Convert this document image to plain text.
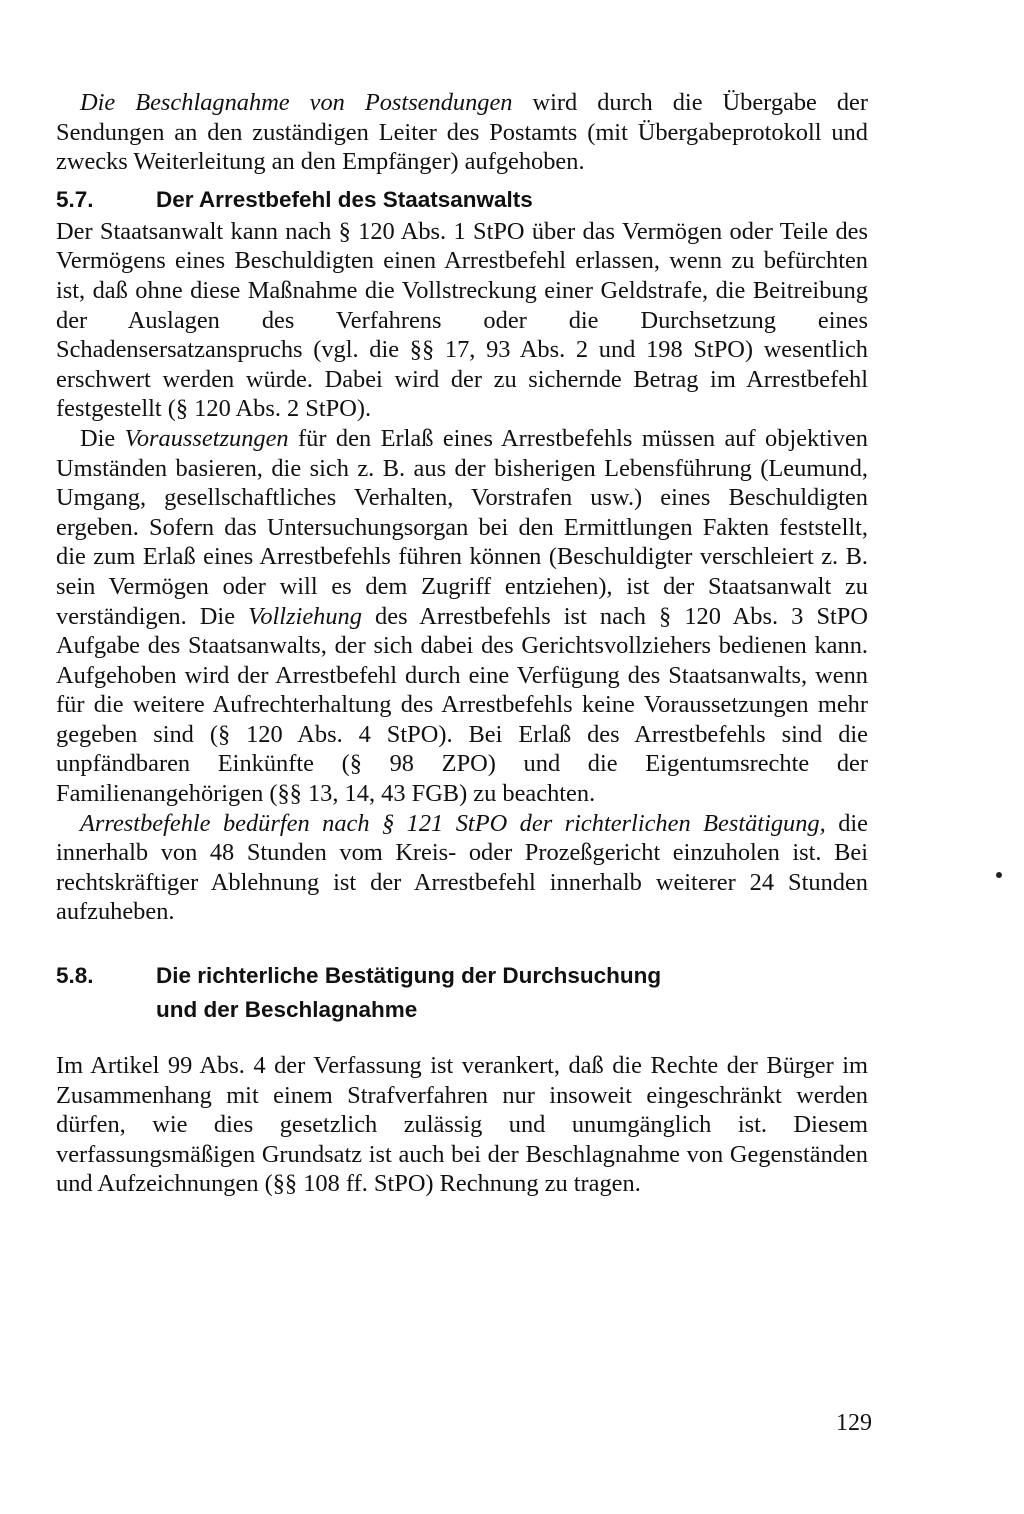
Die Beschlagnahme von Postsendungen wird durch die Übergabe der Sendungen an den zuständigen Leiter des Postamts (mit Übergabeprotokoll und zwecks Weiterleitung an den Empfänger) aufgehoben.

5.7.	Der Arrestbefehl des Staatsanwalts

Der Staatsanwalt kann nach § 120 Abs. 1 StPO über das Vermögen oder Teile des Vermögens eines Beschuldigten einen Arrestbefehl erlassen, wenn zu befürchten ist, daß ohne diese Maßnahme die Vollstreckung einer Geldstrafe, die Beitreibung der Auslagen des Verfahrens oder die Durchsetzung eines Schadensersatzanspruchs (vgl. die §§ 17, 93 Abs. 2 und 198 StPO) wesentlich erschwert werden würde. Dabei wird der zu sichernde Betrag im Arrestbefehl festgestellt (§ 120 Abs. 2 StPO).

Die Voraussetzungen für den Erlaß eines Arrestbefehls müssen auf objektiven Umständen basieren, die sich z. B. aus der bisherigen Lebensführung (Leumund, Umgang, gesellschaftliches Verhalten, Vorstrafen usw.) eines Beschuldigten ergeben. Sofern das Untersuchungsorgan bei den Ermittlungen Fakten feststellt, die zum Erlaß eines Arrestbefehls führen können (Beschuldigter verschleiert z. B. sein Vermögen oder will es dem Zugriff entziehen), ist der Staatsanwalt zu verständigen. Die Vollziehung des Arrestbefehls ist nach § 120 Abs. 3 StPO Aufgabe des Staatsanwalts, der sich dabei des Gerichtsvollziehers bedienen kann. Aufgehoben wird der Arrestbefehl durch eine Verfügung des Staatsanwalts, wenn für die weitere Aufrechterhaltung des Arrestbefehls keine Voraussetzungen mehr gegeben sind (§ 120 Abs. 4 StPO). Bei Erlaß des Arrestbefehls sind die unpfändbaren Einkünfte (§ 98 ZPO) und die Eigentumsrechte der Familienangehörigen (§§ 13, 14, 43 FGB) zu beachten.

Arrestbefehle bedürfen nach § 121 StPO der richterlichen Bestätigung, die innerhalb von 48 Stunden vom Kreis- oder Prozeßgericht einzuholen ist. Bei rechtskräftiger Ablehnung ist der Arrestbefehl innerhalb weiterer 24 Stunden aufzuheben.

5.8.	Die richterliche Bestätigung der Durchsuchung
und der Beschlagnahme

Im Artikel 99 Abs. 4 der Verfassung ist verankert, daß die Rechte der Bürger im Zusammenhang mit einem Strafverfahren nur insoweit eingeschränkt werden dürfen, wie dies gesetzlich zulässig und unumgänglich ist. Diesem verfassungsmäßigen Grundsatz ist auch bei der Beschlagnahme von Gegenständen und Aufzeichnungen (§§ 108 ff. StPO) Rechnung zu tragen.

129
